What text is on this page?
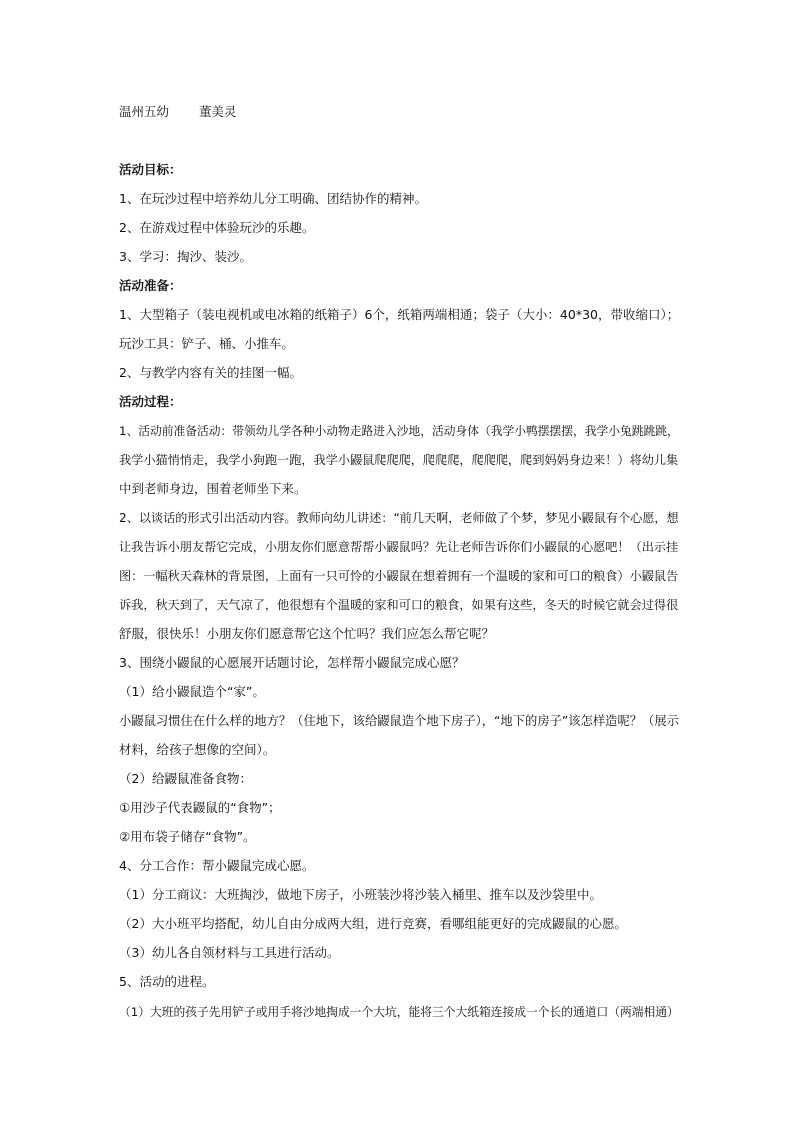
温州五幼 董美灵
活动目标：
1、在玩沙过程中培养幼儿分工明确、团结协作的精神。
2、在游戏过程中体验玩沙的乐趣。
3、学习：掏沙、装沙。
活动准备：
1、大型箱子（装电视机或电冰箱的纸箱子）6个，纸箱两端相通；袋子（大小：40*30，带收缩口）；
玩沙工具：铲子、桶、小推车。
2、与教学内容有关的挂图一幅。
活动过程：
1、活动前准备活动：带领幼儿学各种小动物走路进入沙地，活动身体（我学小鸭摆摆摆，我学小兔跳跳跳，
我学小猫悄悄走，我学小狗跑一跑，我学小鼹鼠爬爬爬，爬爬爬，爬爬爬，爬到妈妈身边来！）将幼儿集
中到老师身边，围着老师坐下来。
2、以谈话的形式引出活动内容。教师向幼儿讲述：“前几天啊，老师做了个梦，梦见小鼹鼠有个心愿，想
让我告诉小朋友帮它完成，小朋友你们愿意帮帮小鼹鼠吗？先让老师告诉你们小鼹鼠的心愿吧！（出示挂
图：一幅秋天森林的背景图，上面有一只可怜的小鼹鼠在想着拥有一个温暖的家和可口的粮食）小鼹鼠告
诉我，秋天到了，天气凉了，他很想有个温暖的家和可口的粮食，如果有这些，冬天的时候它就会过得很
舒服，很快乐！小朋友你们愿意帮它这个忙吗？我们应怎么帮它呢？
3、围绕小鼹鼠的心愿展开话题讨论，怎样帮小鼹鼠完成心愿？
（1）给小鼹鼠造个“家”。
小鼹鼠习惯住在什么样的地方？（住地下，该给鼹鼠造个地下房子），“地下的房子”该怎样造呢？（展示
材料，给孩子想像的空间）。
（2）给鼹鼠准备食物：
①用沙子代表鼹鼠的“食物”；
②用布袋子储存“食物”。
4、分工合作：帮小鼹鼠完成心愿。
（1）分工商议：大班掏沙，做地下房子，小班装沙将沙装入桶里、推车以及沙袋里中。
（2）大小班平均搭配，幼儿自由分成两大组，进行竞赛，看哪组能更好的完成鼹鼠的心愿。
（3）幼儿各自领材料与工具进行活动。
5、活动的进程。
（1）大班的孩子先用铲子或用手将沙地掏成一个大坑，能将三个大纸箱连接成一个长的通道口（两端相通）
